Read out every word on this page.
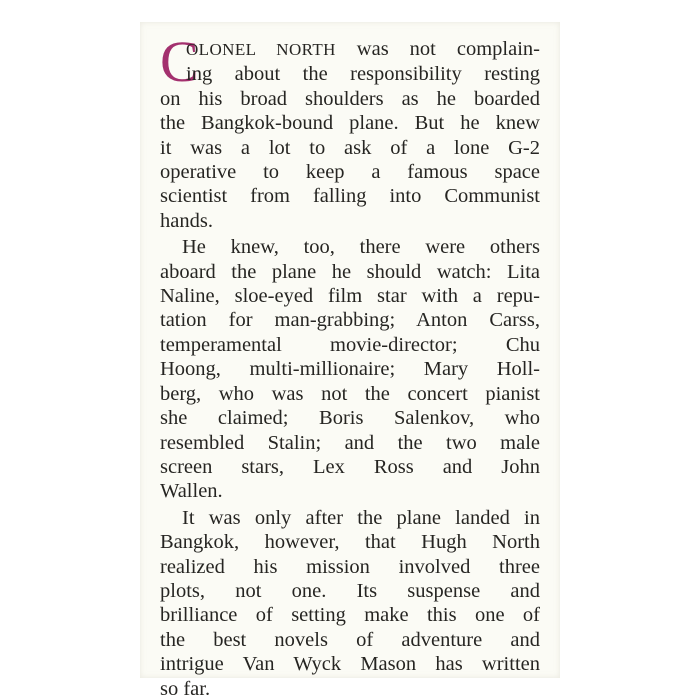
C

OLONEL NORTH was not complain-
ing about the responsibility resting
on his broad shoulders as he boarded
the Bangkok-bound plane. But he knew
it was a lot to ask of a lone G-2
operative to keep a famous space
scientist from falling into Communist
hands.

He knew, too, there were others
aboard the plane he should watch: Lita
Naline, sloe-eyed film star with a repu-
tation for man-grabbing; Anton Carss,
temperamental movie-director; Chu
Hoong, multi-millionaire; Mary Holl-
berg, who was not the concert pianist
she claimed; Boris Salenkov, who
resembled Stalin; and the two male
screen stars, Lex Ross and John
Wallen.

It was only after the plane landed in
Bangkok, however, that Hugh North
realized his mission involved three
plots, not one. Its suspense and
brilliance of setting make this one of
the best novels of adventure and
intrigue Van Wyck Mason has written
so far.
